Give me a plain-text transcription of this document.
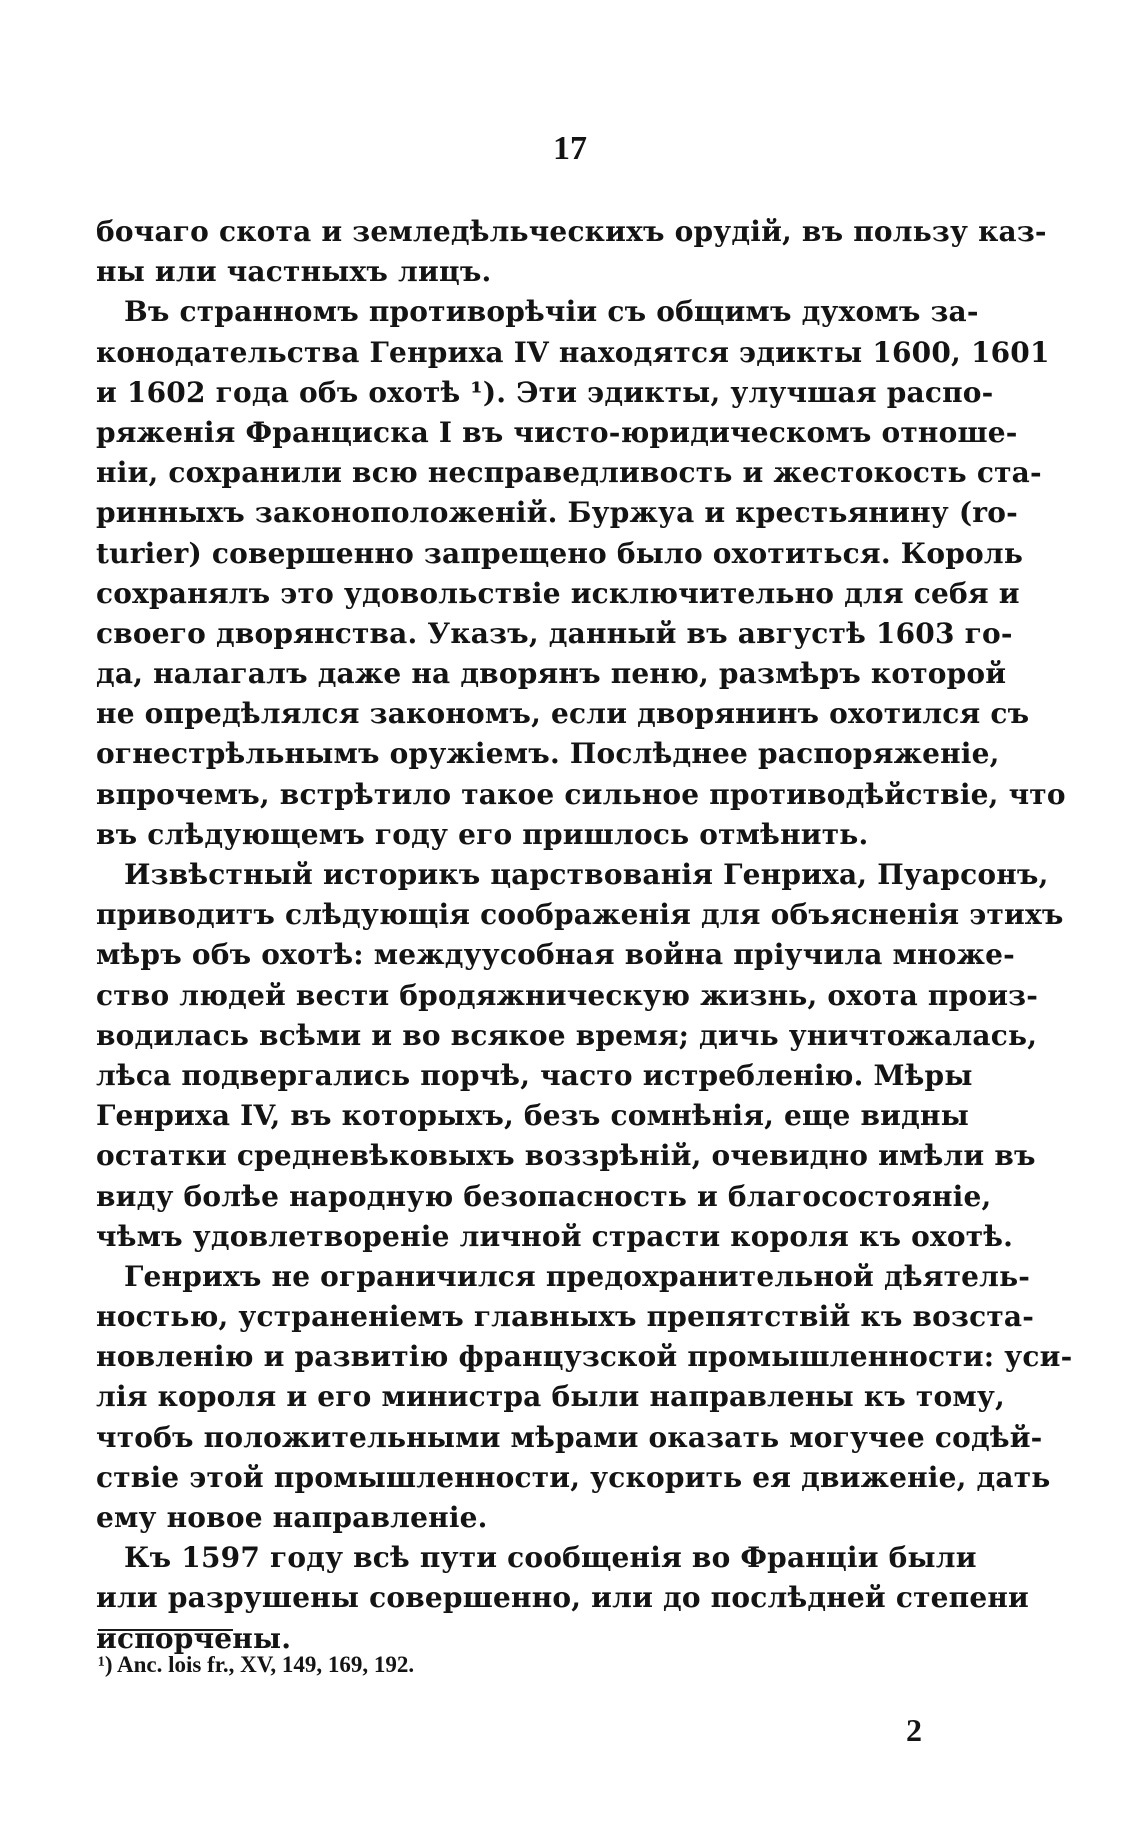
17
бочаго скота и земледѣльческихъ орудій, въ пользу каз-
ны или частныхъ лицъ.
Въ странномъ противорѣчіи съ общимъ духомъ за-
конодательства Генриха IV находятся эдикты 1600, 1601
и 1602 года объ охотѣ ¹). Эти эдикты, улучшая распо-
ряженія Франциска I въ чисто-юридическомъ отноше-
ніи, сохранили всю несправедливость и жестокость ста-
ринныхъ законоположеній. Буржуа и крестьянину (ro-
turier) совершенно запрещено было охотиться. Король
сохранялъ это удовольствіе исключительно для себя и
своего дворянства. Указъ, данный въ августѣ 1603 го-
да, налагалъ даже на дворянъ пеню, размѣръ которой
не опредѣлялся закономъ, если дворянинъ охотился съ
огнестрѣльнымъ оружіемъ. Послѣднее распоряженіе,
впрочемъ, встрѣтило такое сильное противодѣйствіе, что
въ слѣдующемъ году его пришлось отмѣнить.
Извѣстный историкъ царствованія Генриха, Пуарсонъ,
приводитъ слѣдующія соображенія для объясненія этихъ
мѣръ объ охотѣ: междуусобная война пріучила множе-
ство людей вести бродяжническую жизнь, охота произ-
водилась всѣми и во всякое время; дичь уничтожалась,
лѣса подвергались порчѣ, часто истребленію. Мѣры
Генриха IV, въ которыхъ, безъ сомнѣнія, еще видны
остатки средневѣковыхъ воззрѣній, очевидно имѣли въ
виду болѣе народную безопасность и благосостояніе,
чѣмъ удовлетвореніе личной страсти короля къ охотѣ.
Генрихъ не ограничился предохранительной дѣятель-
ностью, устраненіемъ главныхъ препятствій къ возста-
новленію и развитію французской промышленности: уси-
лія короля и его министра были направлены къ тому,
чтобъ положительными мѣрами оказать могучее содѣй-
ствіе этой промышленности, ускорить ея движеніе, дать
ему новое направленіе.
Къ 1597 году всѣ пути сообщенія во Франціи были
или разрушены совершенно, или до послѣдней степени
испорчены.
¹) Anc. lois fr., XV, 149, 169, 192.
2
